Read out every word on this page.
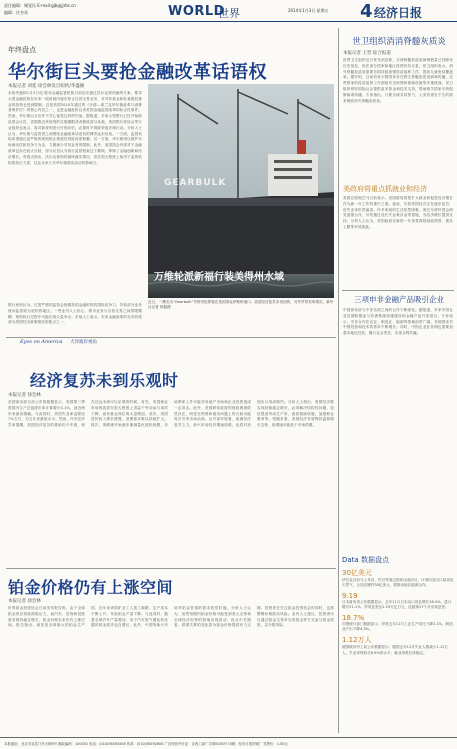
责任编辑：谢觉民 E-mail:gjb@jjrbs.cn
编辑：任杏英	WORLD
世界	2014年1月3日 星期五 4 经济日报
年终盘点
华尔街巨头要抢金融改革话语权
本报记者 刘延 徐会林发自纽约/华盛顿
本报华盛顿1月2日电 联邦金融监管机构日前宣布通过沃尔克规则最终方案，要求大型金融机构在未来一段时间内逐步停止自营交易业务，对对冲基金和私募股权基金的投资也受到限制。这是美国2010年通过的《多德—弗兰克华尔街改革与消费者保护法》的核心内容之一，也是金融危机以来美国金融监管改革的标志性事件。然而，华尔街巨头们并不甘心接受这样的约束。据报道，多家大型银行已经开始游说国会议员，试图推迟该规则的实施期限或者修改部分条款。美国银行家协会等行业组织也表示，将对新规则进行仔细评估，必要时不排除采取法律行动。分析人士认为，华尔街与监管者之间围绕金融改革话语权的博弈远未结束。一方面，监管机构希望通过更严格的规则防止系统性风险再度积累；另一方面，华尔街则以维护市场流动性和竞争力为由，力图减少对其业务的限制。此外，美国国会内部对于金融改革也存在较大分歧，部分议员认为现行监管框架过于繁琐，抑制了金融创新和经济增长。有观点指出，沃尔克规则的最终落实情况，将在很大程度上取决于监管机构的执行力度，以及未来几年华尔街游说活动的影响力。
银行家则认为，过度严格的监管会削弱美国金融机构的国际竞争力，导致部分业务流向监管较为宽松的地区。一些业内人士担心，做市业务与自营交易之间界限模糊，规则执行过程中可能出现大量争议。市场人士表示，未来金融改革的走向仍将成为美国经济政策辩论的焦点之一。
GEARBULK
万维轮派新福行装美得州水域
近日，一艘名为“Gearbulk”号的货轮停靠在美国得克萨斯州港口。美国经济复苏步伐加快，对外贸易有所增长。新华社记者 杨磊摄
世卫组织消消脊髓灰质炎
本报记者 王晋 综合报道
世界卫生组织近日发布消息称，全球脊髓灰质炎病例数量已经降至历史低位，但在部分国家和地区疫情仍有反复。世卫组织表示，消灭脊髓灰质炎需要各国持续加强疫苗接种工作，提高儿童免疫覆盖率。据介绍，目前仍有少数国家存在野生脊髓灰质炎病毒传播，这些国家的疫苗接种工作面临安全形势和基础设施等多重挑战。世卫组织呼吁国际社会提供更多资金和技术支持，帮助相关国家尽快阻断病毒传播。专家指出，只要全球共同努力，人类有望在不久的将来彻底消灭脊髓灰质炎。
美政府将重点抓就业和经济
美国总统奥巴马日前表示，美国政府将把扩大就业和促进经济增长作为新一年工作的重中之重。他说，尽管美国经济正在逐步复苏，但失业率仍然偏高，许多家庭的生活依然困难。奥巴马呼吁国会两党加强合作，尽快通过延长失业救济金等措施，为经济增长提供支持。分析人士认为，美国政府在新的一年里将面临财政预算、债务上限等多项挑战。
三项申非金融产品吸引企业
中国商务部与中非各国之间的合作不断深化。据报道，多家中国企业近期积极参与非洲基础设施建设和金融产品开发项目。专家表示，中非合作在农业、制造业、能源等领域前景广阔，非洲国家对中国投资和技术的需求不断增长。同时，中国企业在非洲也需要加强本地化经营，履行社会责任，实现互利共赢。
Eyes on America 大洋彼岸视角
经济复苏未到乐观时
本报记者 徐会林
美国商务部日前公布的数据显示，美国第三季度国内生产总值按年率计算增长4.1%，创近两年来最高增幅。与此同时，美国失业率也降至7%左右，为五年来最低水平。然而，许多经济学家提醒，美国经济复苏的基础仍不牢固，现在还远未到可以乐观的时候。首先，美国就业市场的改善在很大程度上得益于劳动参与率的下降，而非就业岗位的大量增加。其次，美国居民收入增长缓慢，消费需求难以持续扩大。再次，美联储开始逐步缩减量化宽松规模，市场利率上升可能对房地产市场和企业投资造成一定冲击。此外，美国联邦政府的财政困境依然存在，两党在预算和债务问题上的分歧可能再次引发市场动荡。从外部环境看，欧洲经济复苏乏力，新兴市场经济增速放缓，也将对美国出口形成制约。分析人士指出，美国经济要实现持续稳定增长，必须解决结构性问题，包括提高劳动生产率、改善基础设施、加强职业教育等。短期来看，美国经济有望保持温和增长态势，但增速可能低于市场预期。
铂金价格仍有上涨空间
本报记者 徐会林
世界铂金投资协会日前发布报告称，由于全球铂金供应持续面临压力，而汽车、首饰和投资需求保持稳定增长，铂金价格未来仍有上涨空间。报告指出，南非是全球最大的铂金生产国，近年来该国矿业工人罢工频繁，生产成本不断上升，导致铂金产量下降。与此同时，随着全球汽车产量增加，用于汽车尾气催化转化器的铂金需求也在增长。此外，中国等新兴市场对铂金首饰的需求依然旺盛。分析人士认为，虽然短期内铂金价格可能受到美元走势和全球经济形势的影响出现波动，但从中长期看，供需关系的变化将为铂金价格提供有力支撑。投资者在关注铂金投资机会的同时，也需警惕价格波动风险。业内人士建议，投资者可以通过铂金交易所交易基金等方式参与铂金投资，以分散风险。
Data 数据盘点
30亿美元
伊拉克目前与土耳其、约旦等周边国家达成协议，计划向其出口原油及天然气，合同总额约30亿美元，将推动地区能源合作。
9.19
日本财务省公布数据显示，去年11月日本出口同比增长18.4%，进口增长21.1%，贸易逆差达1.29万亿日元，连续第17个月出现逆差。
18.7%
印度统计部门数据显示，印度去年11月工业生产同比下降2.1%，制造业产出下降4.3%。
1.12万人
德国联邦劳工局公布数据显示，德国去年12月失业人数减少1.12万人，失业率保持在6.9%的水平，就业形势总体稳定。
本报地址：北京市宣武门外大街6号 邮政编码：100052 电话：(010)58393456 传真：(010)58392600 广告经营许可证：京西工商广字第0035号 印刷：经济日报印刷厂 零售价：1.50元
